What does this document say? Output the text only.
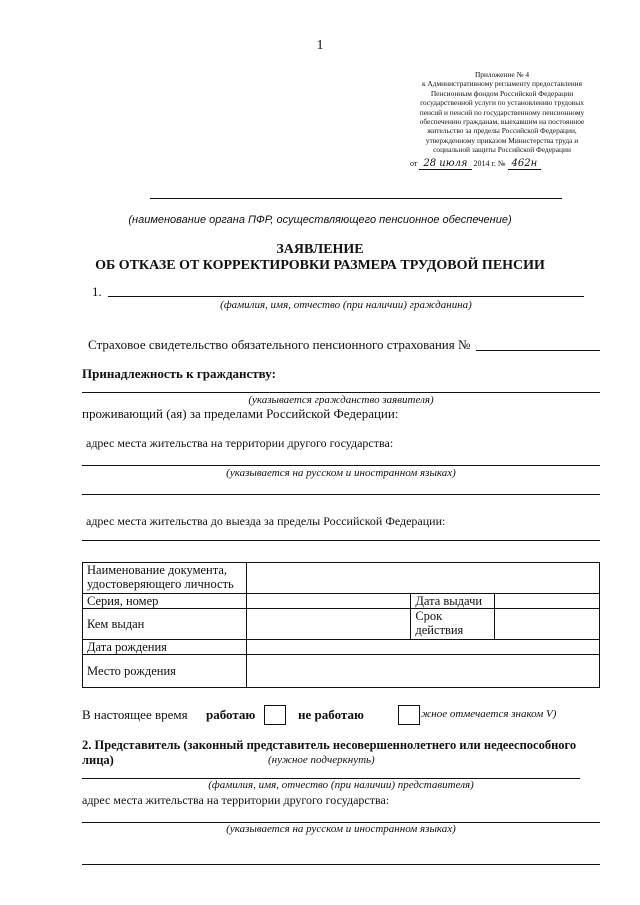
1
Приложение № 4
к Административному регламенту предоставления
Пенсионным фондом Российской Федерации
государственной услуги по установлению трудовых
пенсий и пенсий по государственному пенсионному
обеспечению гражданам, выехавшим на постоянное
жительство за пределы Российской Федерации,
утвержденному приказом Министерства труда и
социальной защиты Российской Федерации
от 28 июля 2014 г. № 462н
(наименование органа ПФР, осуществляющего пенсионное обеспечение)
ЗАЯВЛЕНИЕ
ОБ ОТКАЗЕ ОТ КОРРЕКТИРОВКИ РАЗМЕРА ТРУДОВОЙ ПЕНСИИ
1.
(фамилия, имя, отчество (при наличии) гражданина)
Страховое свидетельство обязательного пенсионного страхования №
Принадлежность к гражданству:
(указывается гражданство заявителя)
проживающий (ая) за пределами Российской Федерации:
адрес места жительства на территории другого государства:
(указывается на русском и иностранном языках)
адрес места жительства до выезда за пределы Российской Федерации:
Наименование документа, удостоверяющего личность			
Серия, номер		Дата выдачи	
Кем выдан		Срок действия	
Дата рождения			
Место рождения			
В настоящее время работаю	не работаю	жное отмечается знаком V)
2. Представитель (законный представитель несовершеннолетнего или недееспособного
лица)	(нужное подчеркнуть)
(фамилия, имя, отчество (при наличии) представителя)
адрес места жительства на территории другого государства:
(указывается на русском и иностранном языках)
